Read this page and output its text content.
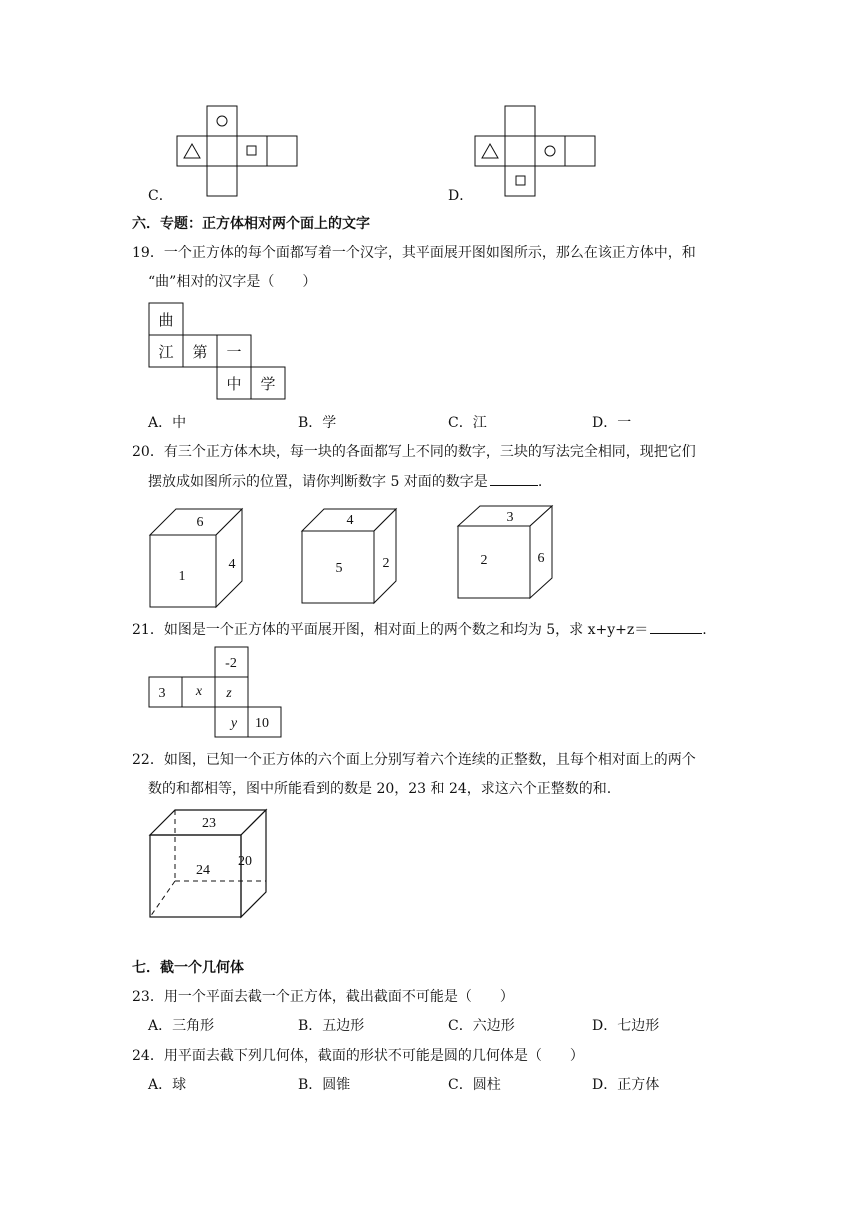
C．	D．
六．专题：正方体相对两个面上的文字
19．一个正方体的每个面都写着一个汉字，其平面展开图如图所示，那么在该正方体中，和
“曲”相对的汉字是（　　）
曲
江 第 一
中 学
A．中	B．学	C．江	D．一
20．有三个正方体木块，每一块的各面都写上不同的数字，三块的写法完全相同，现把它们
摆放成如图所示的位置，请你判断数字 5 对面的数字是	.
6
1
4
4
5	2
3
2	6
21．如图是一个正方体的平面展开图，相对面上的两个数之和均为 5，求 x+y+z＝	.
-2
3 x z
y 10
22．如图，已知一个正方体的六个面上分别写着六个连续的正整数，且每个相对面上的两个
数的和都相等，图中所能看到的数是 20，23 和 24，求这六个正整数的和.
23
24
20
七．截一个几何体
23．用一个平面去截一个正方体，截出截面不可能是（　　）
A．三角形	B．五边形	C．六边形	D．七边形
24．用平面去截下列几何体，截面的形状不可能是圆的几何体是（　　）
A．球	B．圆锥	C．圆柱	D．正方体
